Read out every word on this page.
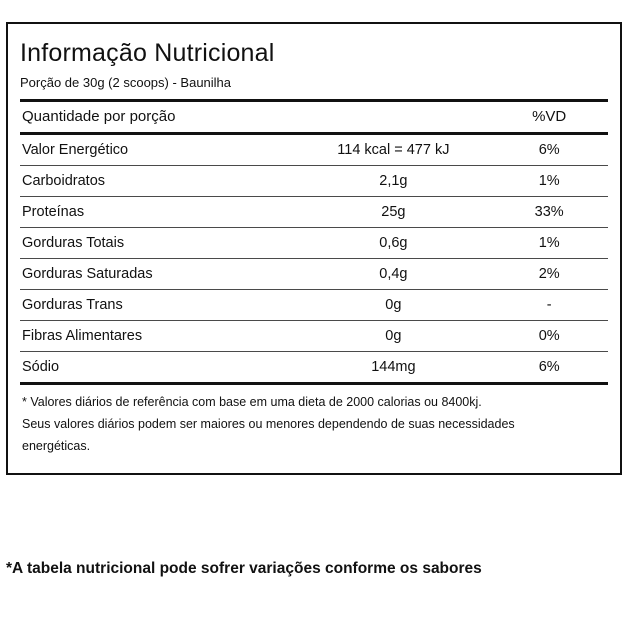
Informação Nutricional
Porção de 30g (2 scoops) - Baunilha
Quantidade por porção		%VD
Valor Energético	114 kcal = 477 kJ	6%
Carboidratos	2,1g	1%
Proteínas	25g	33%
Gorduras Totais	0,6g	1%
Gorduras Saturadas	0,4g	2%
Gorduras Trans	0g	-
Fibras Alimentares	0g	0%
Sódio	144mg	6%
* Valores diários de referência com base em uma dieta de 2000 calorias ou 8400kj.
Seus valores diários podem ser maiores ou menores dependendo de suas necessidades
energéticas.
*A tabela nutricional pode sofrer variações conforme os sabores
